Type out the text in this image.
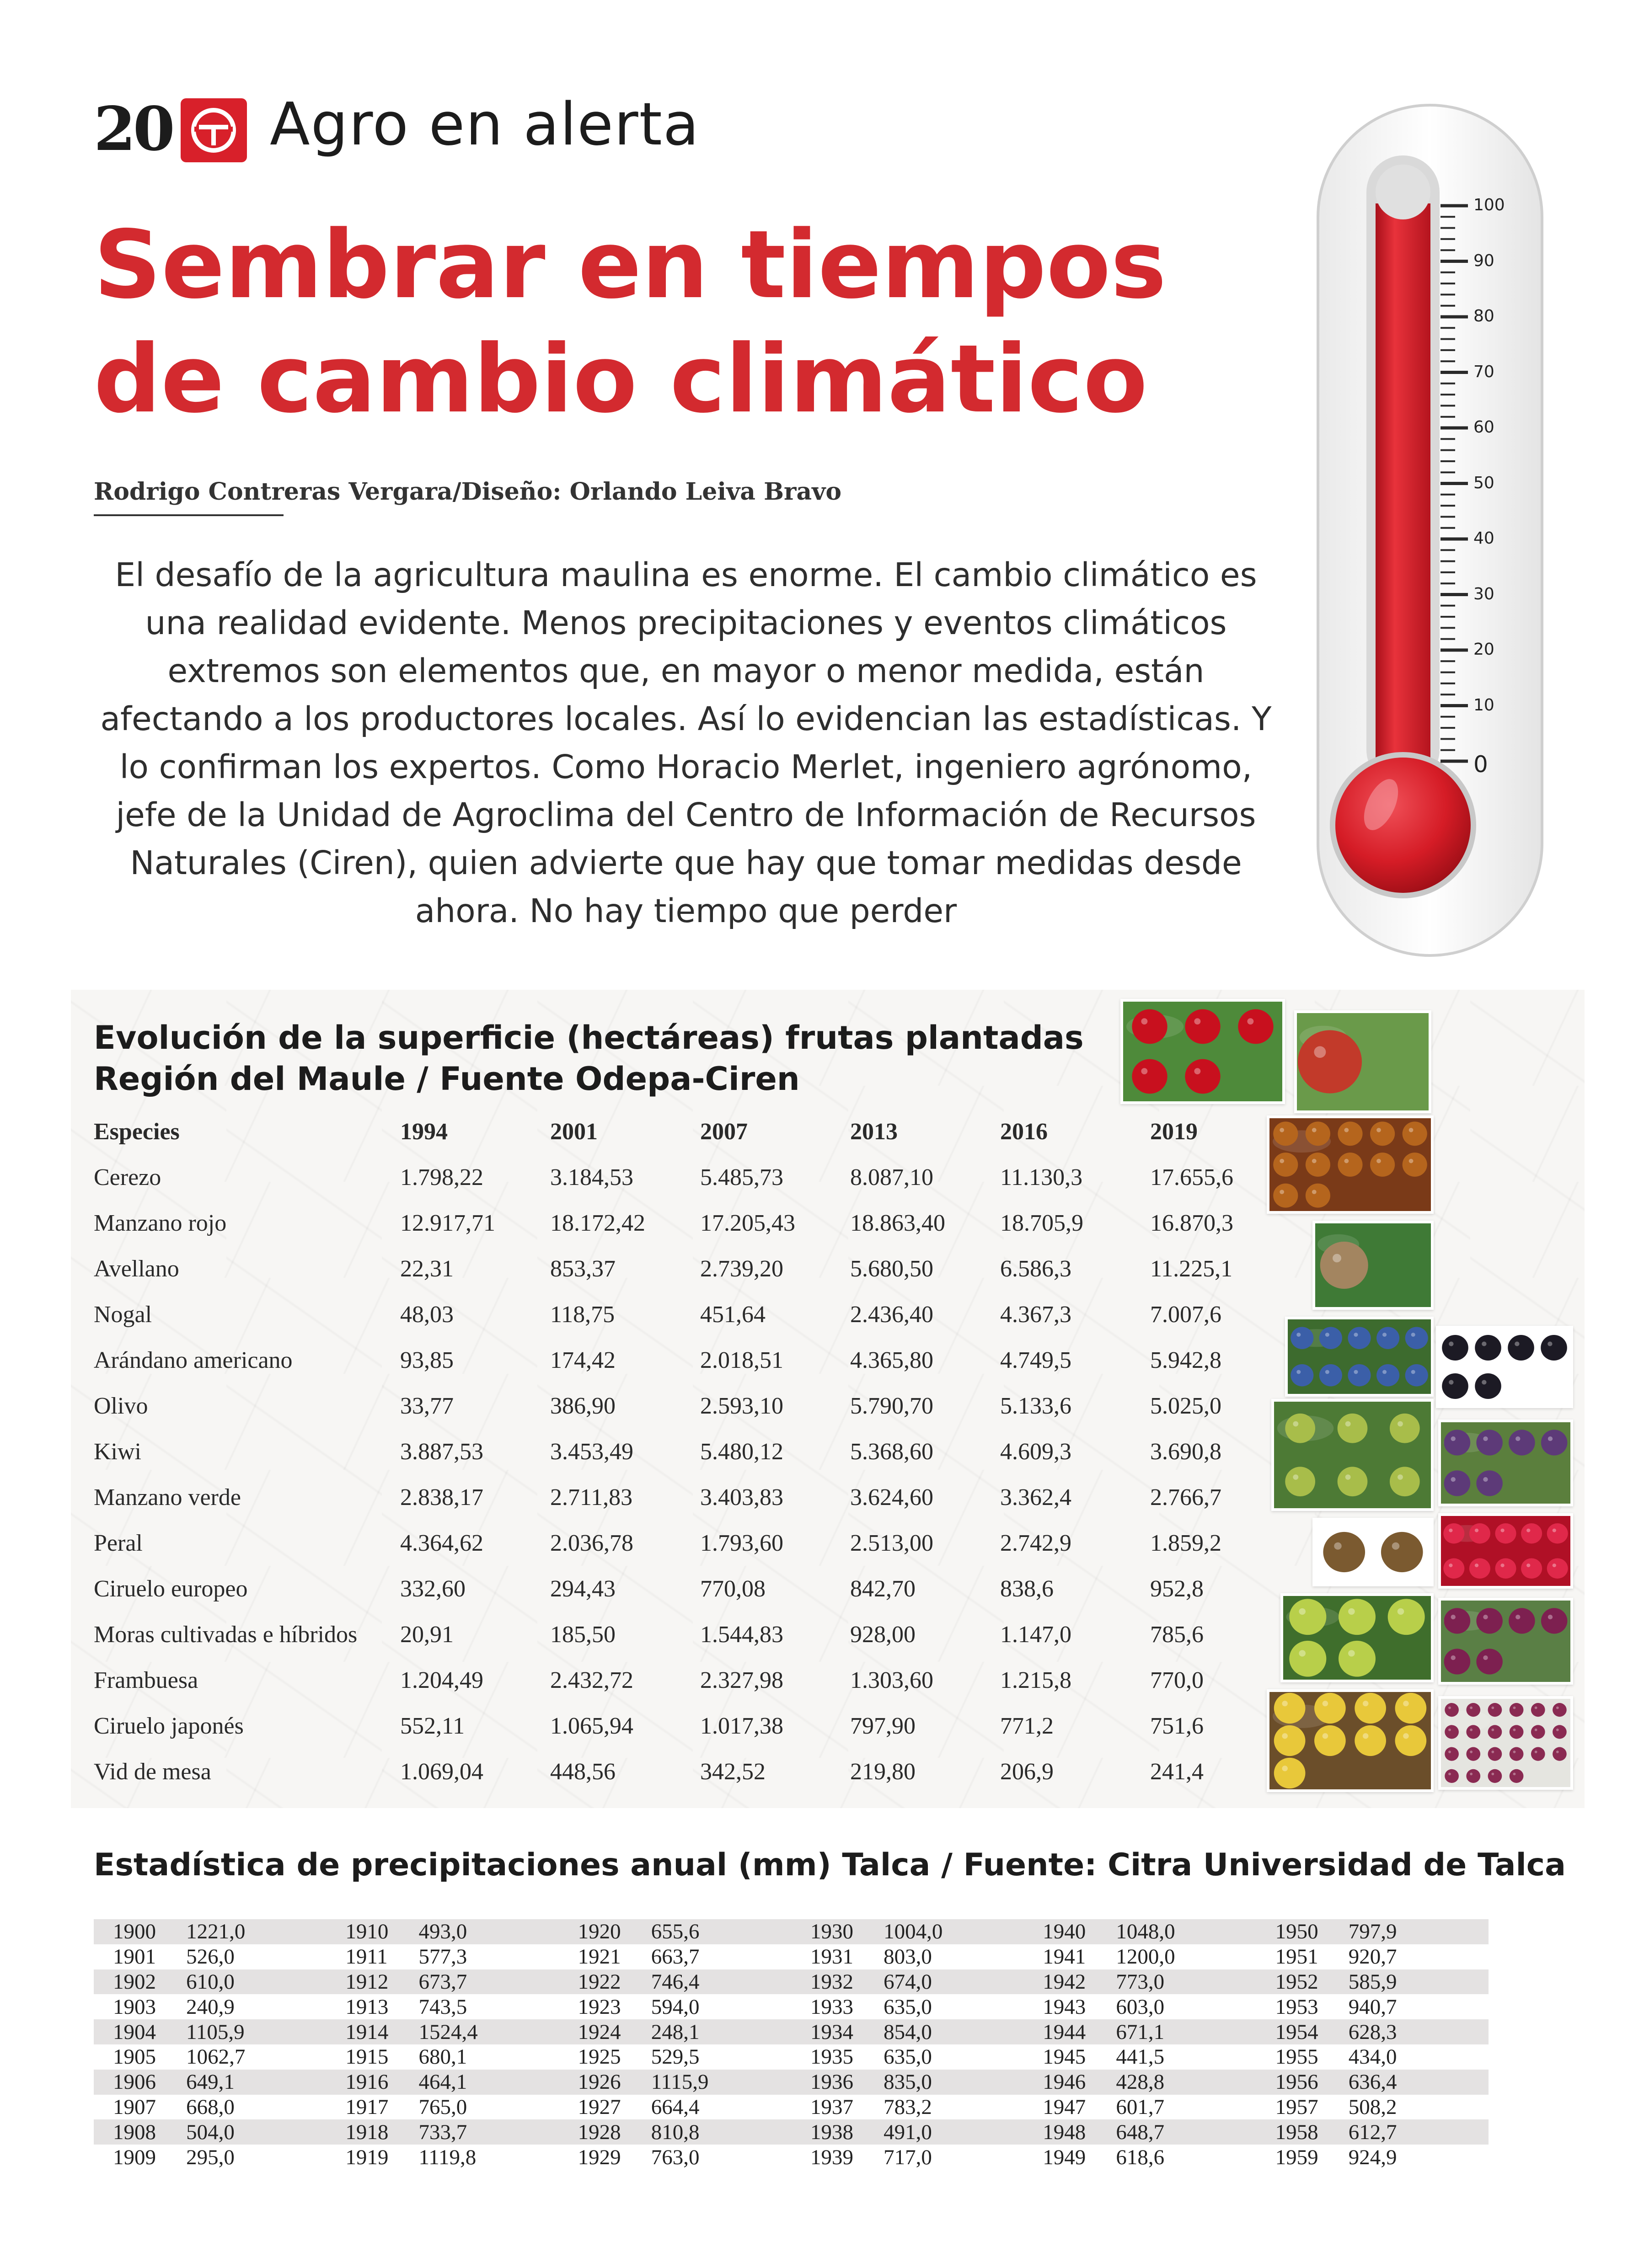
20 Agro en alerta
Sembrar en tiempos
de cambio climático
Rodrigo Contreras Vergara/Diseño: Orlando Leiva Bravo
El desafío de la agricultura maulina es enorme. El cambio climático es una realidad evidente. Menos precipitaciones y eventos climáticos extremos son elementos que, en mayor o menor medida, están afectando a los productores locales. Así lo evidencian las estadísticas. Y lo confirman los expertos. Como Horacio Merlet, ingeniero agrónomo, jefe de la Unidad de Agroclima del Centro de Información de Recursos Naturales (Ciren), quien advierte que hay que tomar medidas desde ahora. No hay tiempo que perder
100
90
80
70
60
50
40
30
20
10
0
Evolución de la superficie (hectáreas) frutas plantadas
Región del Maule / Fuente Odepa-Ciren
Especies	1994	2001	2007	2013	2016	2019
Cerezo	1.798,22	3.184,53	5.485,73	8.087,10	11.130,3	17.655,6
Manzano rojo	12.917,71	18.172,42	17.205,43	18.863,40	18.705,9	16.870,3
Avellano	22,31	853,37	2.739,20	5.680,50	6.586,3	11.225,1
Nogal	48,03	118,75	451,64	2.436,40	4.367,3	7.007,6
Arándano americano	93,85	174,42	2.018,51	4.365,80	4.749,5	5.942,8
Olivo	33,77	386,90	2.593,10	5.790,70	5.133,6	5.025,0
Kiwi	3.887,53	3.453,49	5.480,12	5.368,60	4.609,3	3.690,8
Manzano verde	2.838,17	2.711,83	3.403,83	3.624,60	3.362,4	2.766,7
Peral	4.364,62	2.036,78	1.793,60	2.513,00	2.742,9	1.859,2
Ciruelo europeo	332,60	294,43	770,08	842,70	838,6	952,8
Moras cultivadas e híbridos	20,91	185,50	1.544,83	928,00	1.147,0	785,6
Frambuesa	1.204,49	2.432,72	2.327,98	1.303,60	1.215,8	770,0
Ciruelo japonés	552,11	1.065,94	1.017,38	797,90	771,2	751,6
Vid de mesa	1.069,04	448,56	342,52	219,80	206,9	241,4
Estadística de precipitaciones anual (mm) Talca / Fuente: Citra Universidad de Talca
1900	1221,0	1910	493,0	1920	655,6	1930	1004,0	1940	1048,0	1950	797,9
1901	526,0	1911	577,3	1921	663,7	1931	803,0	1941	1200,0	1951	920,7
1902	610,0	1912	673,7	1922	746,4	1932	674,0	1942	773,0	1952	585,9
1903	240,9	1913	743,5	1923	594,0	1933	635,0	1943	603,0	1953	940,7
1904	1105,9	1914	1524,4	1924	248,1	1934	854,0	1944	671,1	1954	628,3
1905	1062,7	1915	680,1	1925	529,5	1935	635,0	1945	441,5	1955	434,0
1906	649,1	1916	464,1	1926	1115,9	1936	835,0	1946	428,8	1956	636,4
1907	668,0	1917	765,0	1927	664,4	1937	783,2	1947	601,7	1957	508,2
1908	504,0	1918	733,7	1928	810,8	1938	491,0	1948	648,7	1958	612,7
1909	295,0	1919	1119,8	1929	763,0	1939	717,0	1949	618,6	1959	924,9
